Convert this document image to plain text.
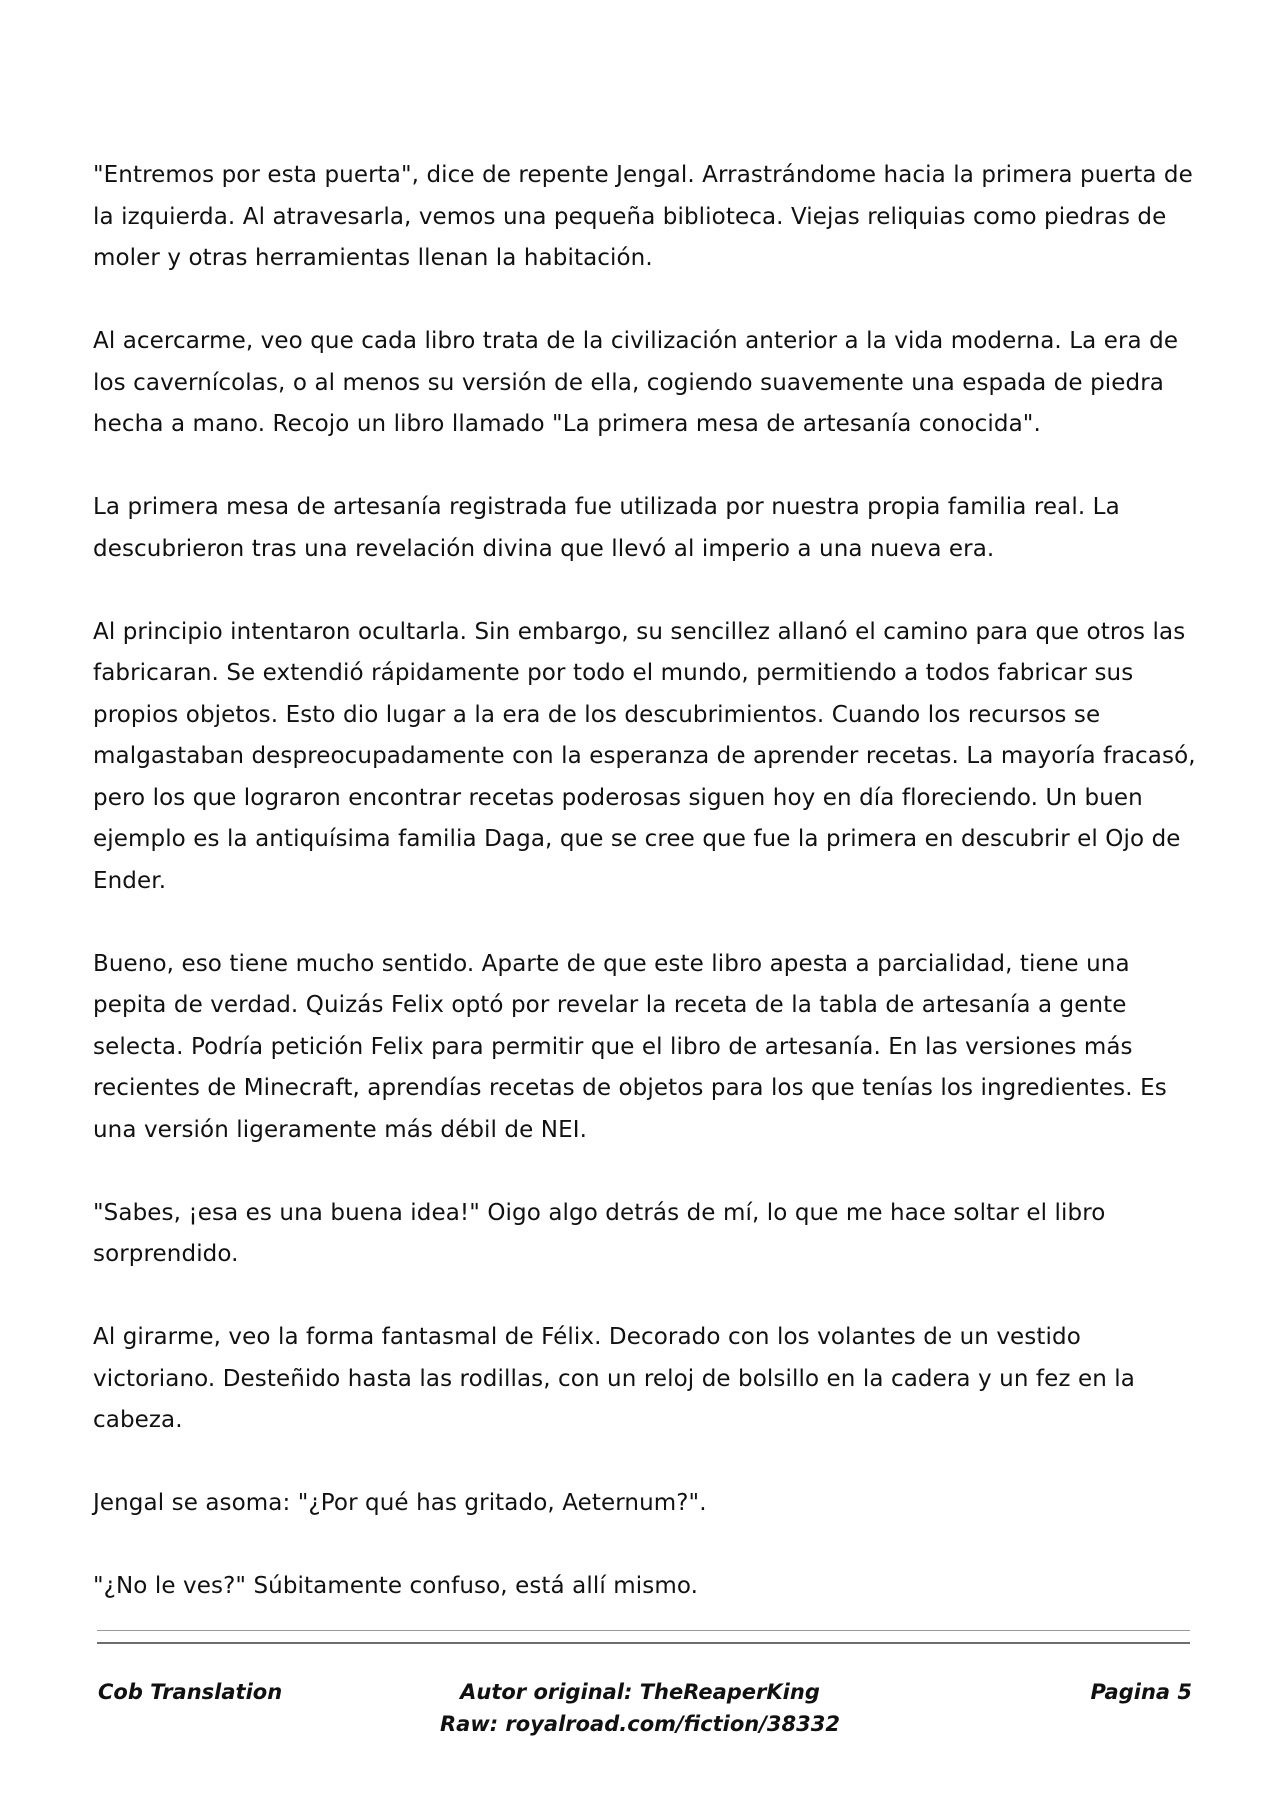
"Entremos por esta puerta", dice de repente Jengal. Arrastrándome hacia la primera puerta de la izquierda. Al atravesarla, vemos una pequeña biblioteca. Viejas reliquias como piedras de moler y otras herramientas llenan la habitación.

Al acercarme, veo que cada libro trata de la civilización anterior a la vida moderna. La era de los cavernícolas, o al menos su versión de ella, cogiendo suavemente una espada de piedra hecha a mano. Recojo un libro llamado "La primera mesa de artesanía conocida".

La primera mesa de artesanía registrada fue utilizada por nuestra propia familia real. La descubrieron tras una revelación divina que llevó al imperio a una nueva era.

Al principio intentaron ocultarla. Sin embargo, su sencillez allanó el camino para que otros las fabricaran. Se extendió rápidamente por todo el mundo, permitiendo a todos fabricar sus propios objetos. Esto dio lugar a la era de los descubrimientos. Cuando los recursos se malgastaban despreocupadamente con la esperanza de aprender recetas. La mayoría fracasó, pero los que lograron encontrar recetas poderosas siguen hoy en día floreciendo. Un buen ejemplo es la antiquísima familia Daga, que se cree que fue la primera en descubrir el Ojo de Ender.

Bueno, eso tiene mucho sentido. Aparte de que este libro apesta a parcialidad, tiene una pepita de verdad. Quizás Felix optó por revelar la receta de la tabla de artesanía a gente selecta. Podría petición Felix para permitir que el libro de artesanía. En las versiones más recientes de Minecraft, aprendías recetas de objetos para los que tenías los ingredientes. Es una versión ligeramente más débil de NEI.

"Sabes, ¡esa es una buena idea!" Oigo algo detrás de mí, lo que me hace soltar el libro sorprendido.

Al girarme, veo la forma fantasmal de Félix. Decorado con los volantes de un vestido victoriano. Desteñido hasta las rodillas, con un reloj de bolsillo en la cadera y un fez en la cabeza.

Jengal se asoma: "¿Por qué has gritado, Aeternum?".

"¿No le ves?" Súbitamente confuso, está allí mismo.

Cob Translation	Autor original: TheReaperKing
Raw: royalroad.com/fiction/38332
Pagina 5
